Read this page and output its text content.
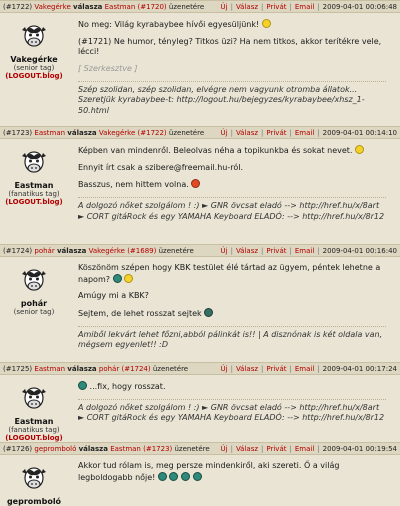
(#1722) Vakegérke válasza Eastman (#1720) üzenetére	Új | Válasz | Privát | Email | 2009-04-01 00:06:48
Vakegérke
(senior tag)
(LOGOUT.blog)

No meg: Világ kyrabaybee hívői egyesüljünk!

(#1721) Ne humor, tényleg? Titkos üzi? Ha nem titkos, akkor terítékre vele, lécci!

[ Szerkesztve ]

Szép szolidan, szép szolidan, elvégre nem vagyunk otromba állatok... Szeretjük kyrabaybee-t: http://logout.hu/bejegyzes/kyrabaybee/xhsz_1-50.html
(#1723) Eastman válasza Vakegérke (#1722) üzenetére	Új | Válasz | Privát | Email | 2009-04-01 00:14:10
Eastman
(fanatikus tag)
(LOGOUT.blog)

Képben van mindenről. Beleolvas néha a topikunkba és sokat nevet.

Ennyit írt csak a szibere@freemail.hu-ról.

Basszus, nem hittem volna.

A dolgozó nőket szolgálom ! :) ► GNR övcsat eladó --> http://href.hu/x/8art ► CORT gitáRock és egy YAMAHA Keyboard ELADÓ: --> http://href.hu/x/8r12
(#1724) pohár válasza Vakegérke (#1689) üzenetére	Új | Válasz | Privát | Email | 2009-04-01 00:16:40
pohár
(senior tag)

Köszönöm szépen hogy KBK testület élé tártad az ügyem, péntek lehetne a napom?

Amúgy mi a KBK?

Sejtem, de lehet rosszat sejtek

Amiből lekvárt lehet főzni,abból pálinkát is!! | A disznónak is két oldala van, mégsem egyenlet!! :D
(#1725) Eastman válasza pohár (#1724) üzenetére	Új | Válasz | Privát | Email | 2009-04-01 00:17:24
Eastman
(fanatikus tag)
(LOGOUT.blog)

...fix, hogy rosszat.

A dolgozó nőket szolgálom ! :) ► GNR övcsat eladó --> http://href.hu/x/8art ► CORT gitáRock és egy YAMAHA Keyboard ELADÓ: --> http://href.hu/x/8r12
(#1726) gepromboló válasza Eastman (#1723) üzenetére	Új | Válasz | Privát | Email | 2009-04-01 00:19:54
gepromboló

Akkor tud rólam is, meg persze mindenkiről, aki szereti. Ő a világ legboldogabb nője!
